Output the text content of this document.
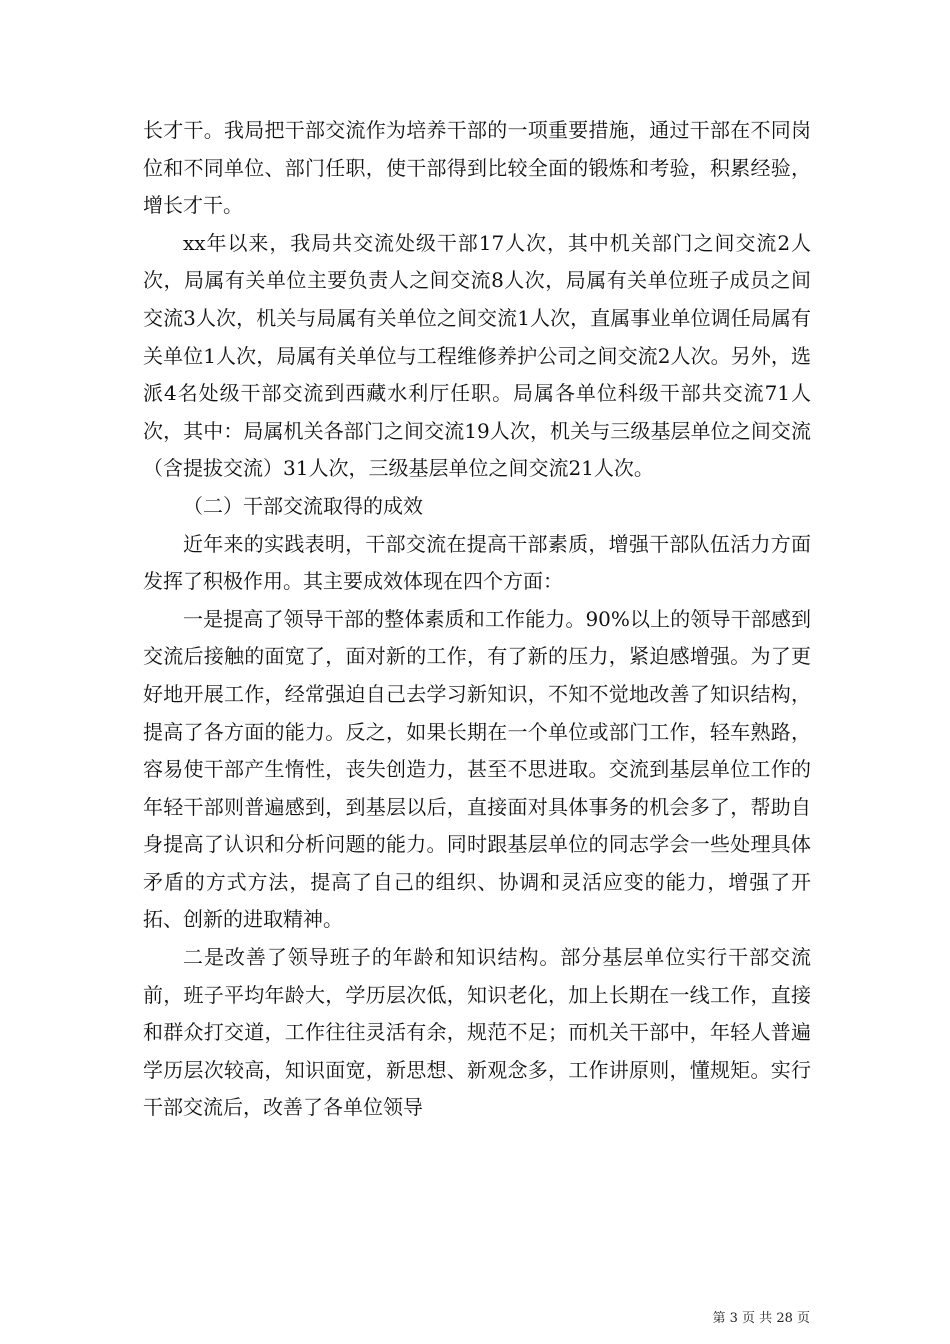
长才干。我局把干部交流作为培养干部的一项重要措施，通过干部在不同岗位和不同单位、部门任职，使干部得到比较全面的锻炼和考验，积累经验，增长才干。

xx年以来，我局共交流处级干部17人次，其中机关部门之间交流2人次，局属有关单位主要负责人之间交流8人次，局属有关单位班子成员之间交流3人次，机关与局属有关单位之间交流1人次，直属事业单位调任局属有关单位1人次，局属有关单位与工程维修养护公司之间交流2人次。另外，选派4名处级干部交流到西藏水利厅任职。局属各单位科级干部共交流71人次，其中：局属机关各部门之间交流19人次，机关与三级基层单位之间交流（含提拔交流）31人次，三级基层单位之间交流21人次。

（二）干部交流取得的成效

近年来的实践表明，干部交流在提高干部素质，增强干部队伍活力方面发挥了积极作用。其主要成效体现在四个方面：

一是提高了领导干部的整体素质和工作能力。90%以上的领导干部感到交流后接触的面宽了，面对新的工作，有了新的压力，紧迫感增强。为了更好地开展工作，经常强迫自己去学习新知识，不知不觉地改善了知识结构，提高了各方面的能力。反之，如果长期在一个单位或部门工作，轻车熟路，容易使干部产生惰性，丧失创造力，甚至不思进取。交流到基层单位工作的年轻干部则普遍感到，到基层以后，直接面对具体事务的机会多了，帮助自身提高了认识和分析问题的能力。同时跟基层单位的同志学会一些处理具体矛盾的方式方法，提高了自己的组织、协调和灵活应变的能力，增强了开拓、创新的进取精神。

二是改善了领导班子的年龄和知识结构。部分基层单位实行干部交流前，班子平均年龄大，学历层次低，知识老化，加上长期在一线工作，直接和群众打交道，工作往往灵活有余，规范不足；而机关干部中，年轻人普遍学历层次较高，知识面宽，新思想、新观念多，工作讲原则，懂规矩。实行干部交流后，改善了各单位领导

第 3 页 共 28 页
